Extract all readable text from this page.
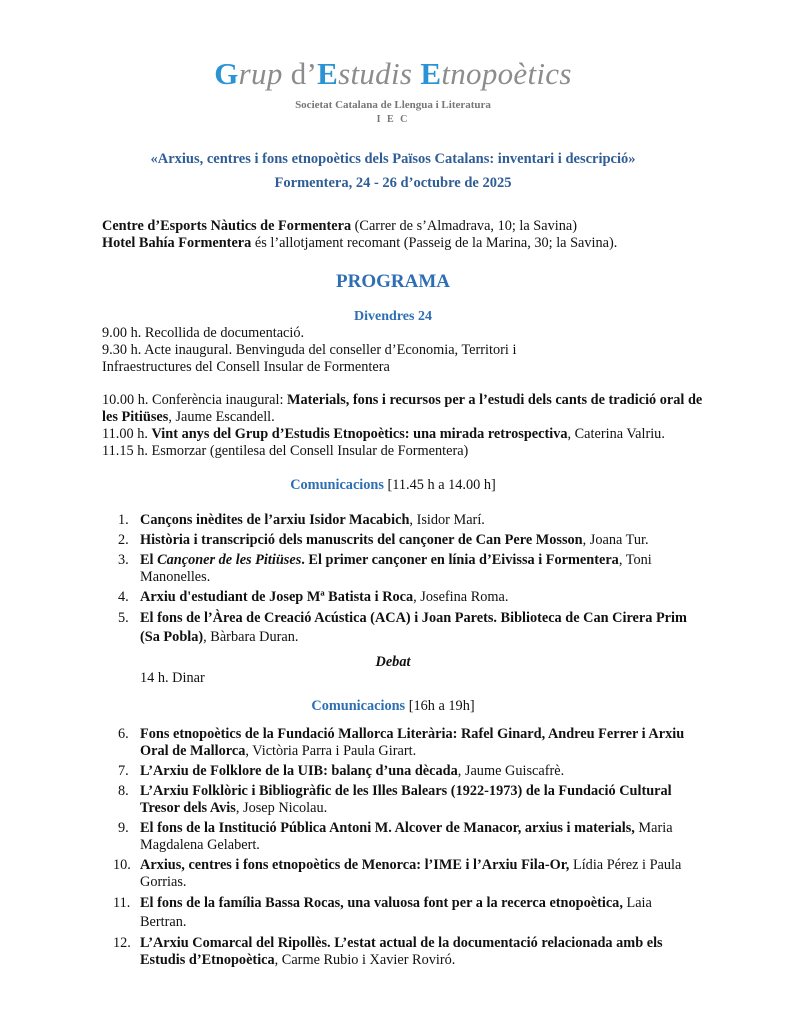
Grup d’Estudis Etnopoètics
Societat Catalana de Llengua i Literatura
I E C
«Arxius, centres i fons etnopoètics dels Països Catalans: inventari i descripció»
Formentera, 24 - 26 d’octubre de 2025
Centre d’Esports Nàutics de Formentera (Carrer de s’Almadrava, 10; la Savina)
Hotel Bahía Formentera és l’allotjament recomant (Passeig de la Marina, 30; la Savina).
PROGRAMA
Divendres 24
9.00 h. Recollida de documentació.
9.30 h. Acte inaugural. Benvinguda del conseller d’Economia, Territori i
Infraestructures del Consell Insular de Formentera
10.00 h. Conferència inaugural: Materials, fons i recursos per a l’estudi dels cants de tradició oral de
les Pitiüses, Jaume Escandell.
11.00 h. Vint anys del Grup d’Estudis Etnopoètics: una mirada retrospectiva, Caterina Valriu.
11.15 h. Esmorzar (gentilesa del Consell Insular de Formentera)
Comunicacions [11.45 h a 14.00 h]
1. Cançons inèdites de l’arxiu Isidor Macabich, Isidor Marí.
2. Història i transcripció dels manuscrits del cançoner de Can Pere Mosson, Joana Tur.
3. El Cançoner de les Pitiüses. El primer cançoner en línia d’Eivissa i Formentera, Toni Manonelles.
4. Arxiu d'estudiant de Josep Mª Batista i Roca, Josefina Roma.
5. El fons de l’Àrea de Creació Acústica (ACA) i Joan Parets. Biblioteca de Can Cirera Prim (Sa Pobla), Bàrbara Duran.
Debat
14 h. Dinar
Comunicacions [16h a 19h]
6. Fons etnopoètics de la Fundació Mallorca Literària: Rafel Ginard, Andreu Ferrer i Arxiu Oral de Mallorca, Victòria Parra i Paula Girart.
7. L’Arxiu de Folklore de la UIB: balanç d’una dècada, Jaume Guiscafrè.
8. L’Arxiu Folklòric i Bibliogràfic de les Illes Balears (1922-1973) de la Fundació Cultural Tresor dels Avis, Josep Nicolau.
9. El fons de la Institució Pública Antoni M. Alcover de Manacor, arxius i materials, Maria Magdalena Gelabert.
10. Arxius, centres i fons etnopoètics de Menorca: l’IME i l’Arxiu Fila-Or, Lídia Pérez i Paula Gorrias.
11. El fons de la família Bassa Rocas, una valuosa font per a la recerca etnopoètica, Laia Bertran.
12. L’Arxiu Comarcal del Ripollès. L’estat actual de la documentació relacionada amb els Estudis d’Etnopoètica, Carme Rubio i Xavier Roviró.
